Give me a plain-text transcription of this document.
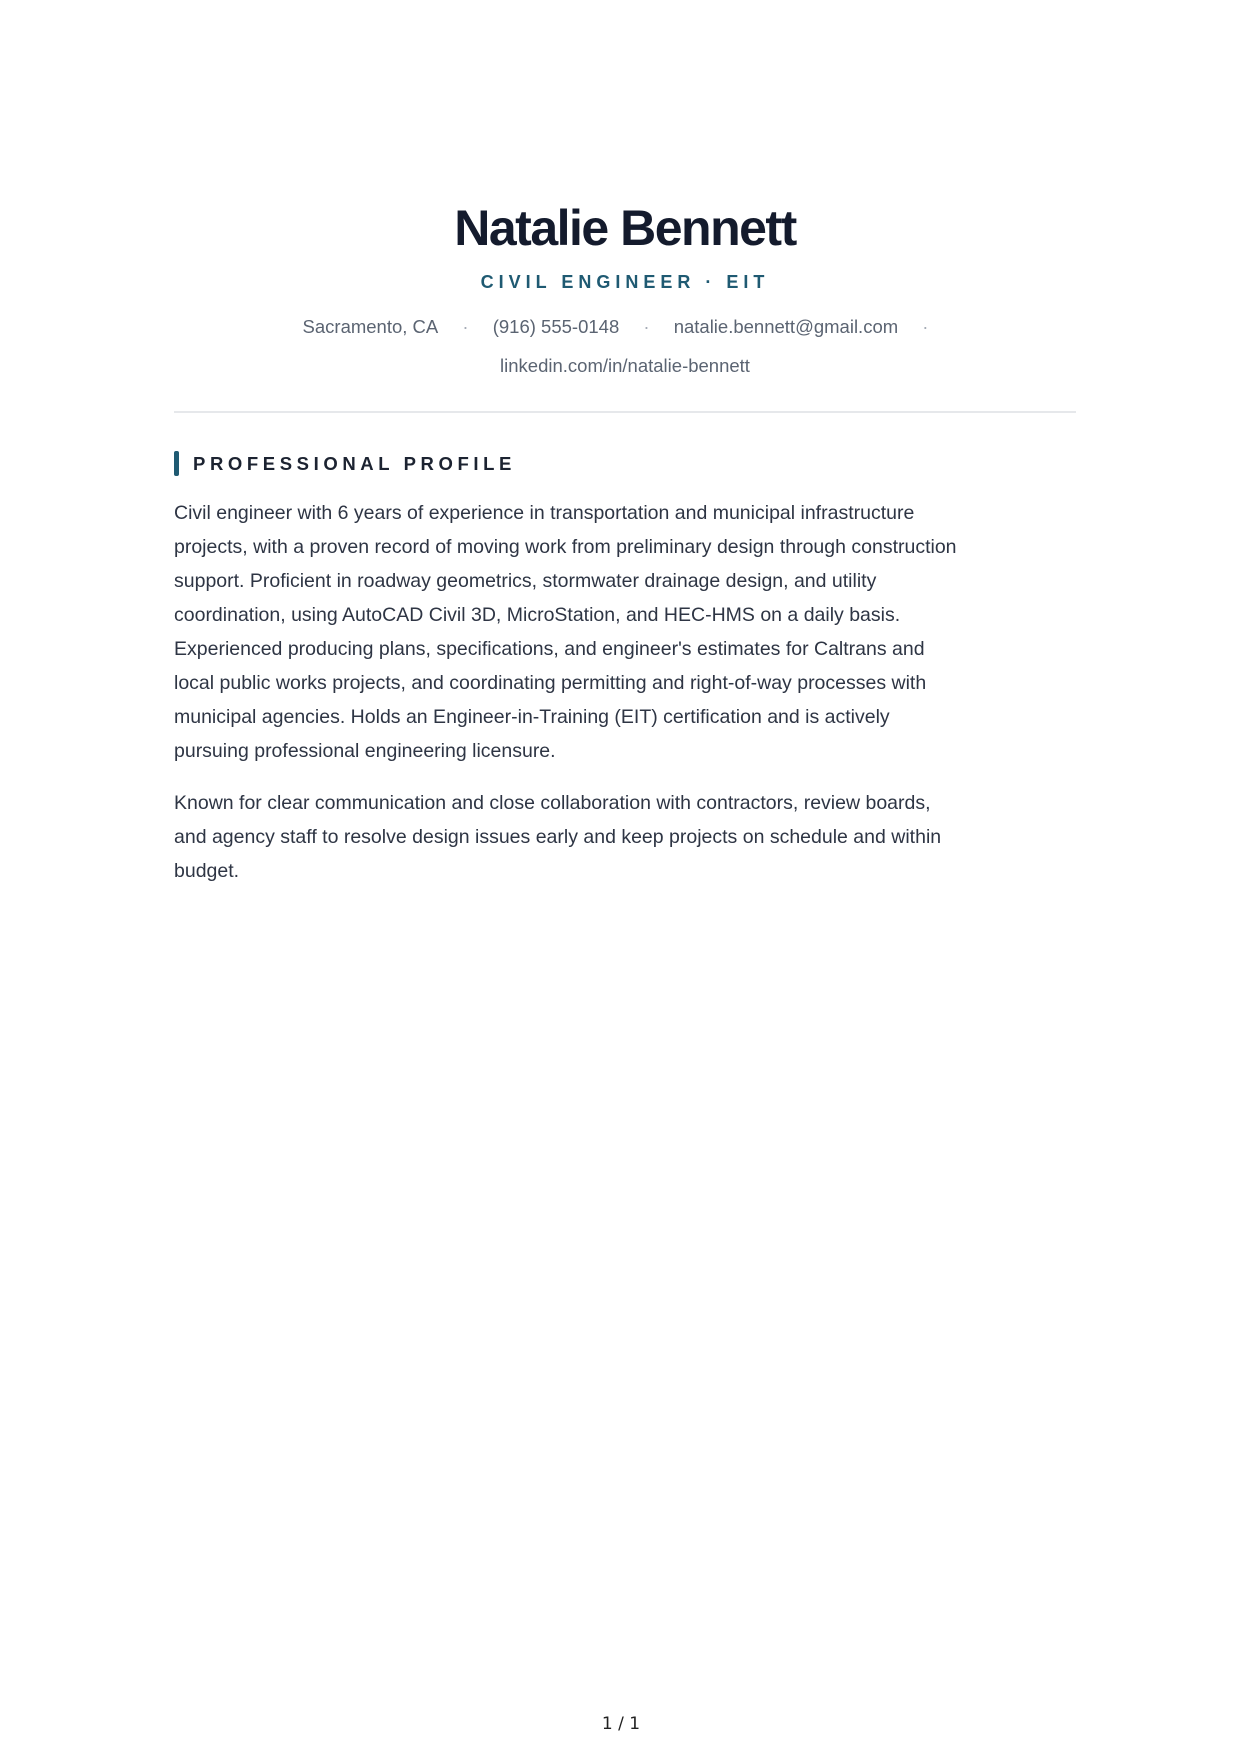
Natalie Bennett
CIVIL ENGINEER · EIT
Sacramento, CA · (916) 555-0148 · natalie.bennett@gmail.com ·
linkedin.com/in/natalie-bennett
PROFESSIONAL PROFILE

Civil engineer with 6 years of experience in transportation and municipal infrastructure projects, with a proven record of moving work from preliminary design through construction support. Proficient in roadway geometrics, stormwater drainage design, and utility coordination, using AutoCAD Civil 3D, MicroStation, and HEC-HMS on a daily basis. Experienced producing plans, specifications, and engineer's estimates for Caltrans and local public works projects, and coordinating permitting and right-of-way processes with municipal agencies. Holds an Engineer-in-Training (EIT) certification and is actively pursuing professional engineering licensure.

Known for clear communication and close collaboration with contractors, review boards, and agency staff to resolve design issues early and keep projects on schedule and within budget.

1 / 1
